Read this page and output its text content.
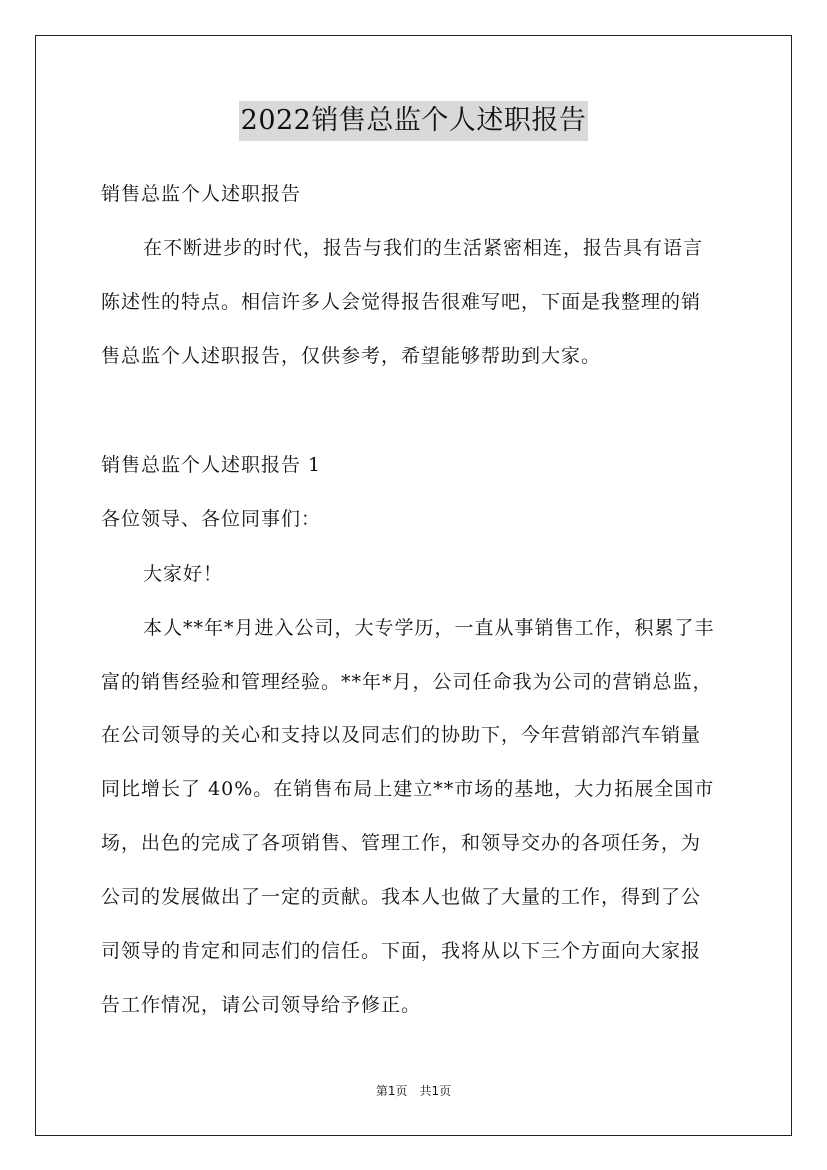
2022销售总监个人述职报告
销售总监个人述职报告
在不断进步的时代，报告与我们的生活紧密相连，报告具有语言
陈述性的特点。相信许多人会觉得报告很难写吧，下面是我整理的销
售总监个人述职报告，仅供参考，希望能够帮助到大家。
销售总监个人述职报告 1
各位领导、各位同事们：
大家好！
本人**年*月进入公司，大专学历，一直从事销售工作，积累了丰
富的销售经验和管理经验。**年*月，公司任命我为公司的营销总监，
在公司领导的关心和支持以及同志们的协助下，今年营销部汽车销量
同比增长了 40%。在销售布局上建立**市场的基地，大力拓展全国市
场，出色的完成了各项销售、管理工作，和领导交办的各项任务，为
公司的发展做出了一定的贡献。我本人也做了大量的工作，得到了公
司领导的肯定和同志们的信任。下面，我将从以下三个方面向大家报
告工作情况，请公司领导给予修正。
第1页　共1页
